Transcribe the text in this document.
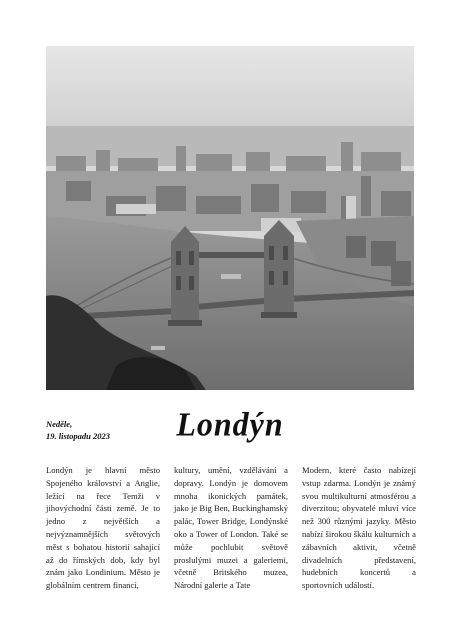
Neděle,
19. listopadu 2023	Londýn
Londýn je hlavní město Spojeného království a Anglie, ležící na řece Temži v jihovýchodní části země. Je to jedno z největších a nejvýznamnějších světových měst s bohatou historií sahající až do římských dob, kdy byl znám jako Londinium. Město je globálním centrem financí,
kultury, umění, vzdělávání a dopravy. Londýn je domovem mnoha ikonických památek, jako je Big Ben, Buckinghamský palác, Tower Bridge, Londýnské oko a Tower of London. Také se může pochlubit světově proslulými muzei a galeriemi, včetně Britského muzea, Národní galerie a Tate
Modern, které často nabízejí vstup zdarma. Londýn je známý svou multikulturní atmosférou a diverzitou; obyvatelé mluví více než 300 různými jazyky. Město nabízí širokou škálu kulturních a zábavních aktivit, včetně divadelních představení, hudebních koncertů a sportovních událostí.
